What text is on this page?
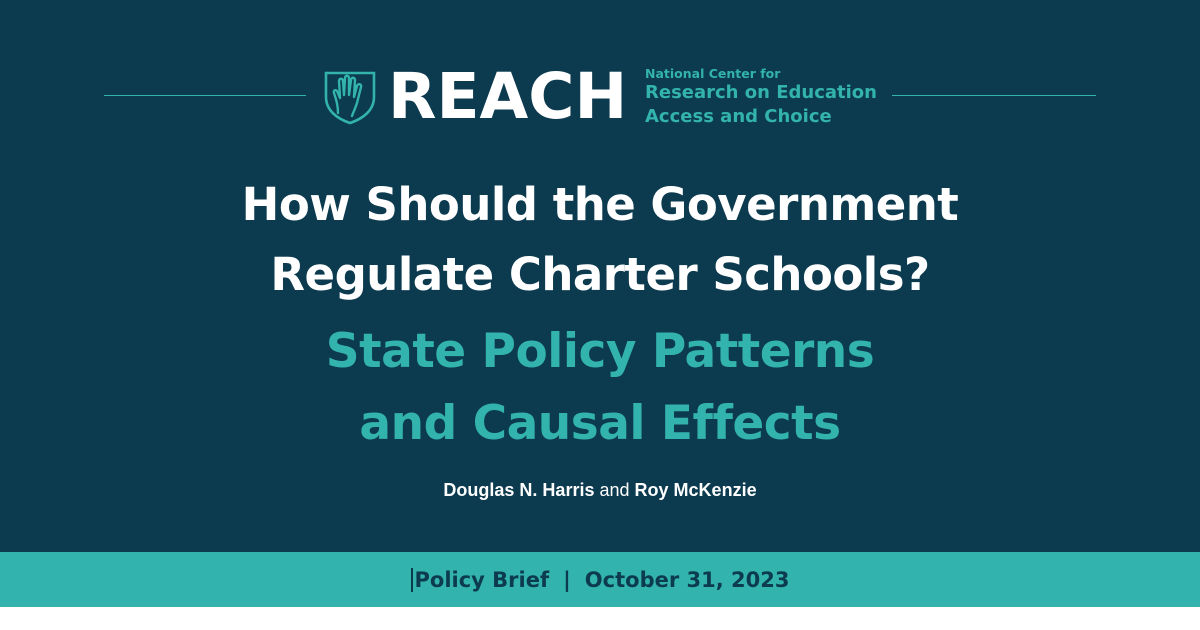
REACH National Center for
Research on Education
Access and Choice
How Should the Government
Regulate Charter Schools?
State Policy Patterns
and Causal Effects
Douglas N. Harris and Roy McKenzie
Policy Brief | October 31, 2023
